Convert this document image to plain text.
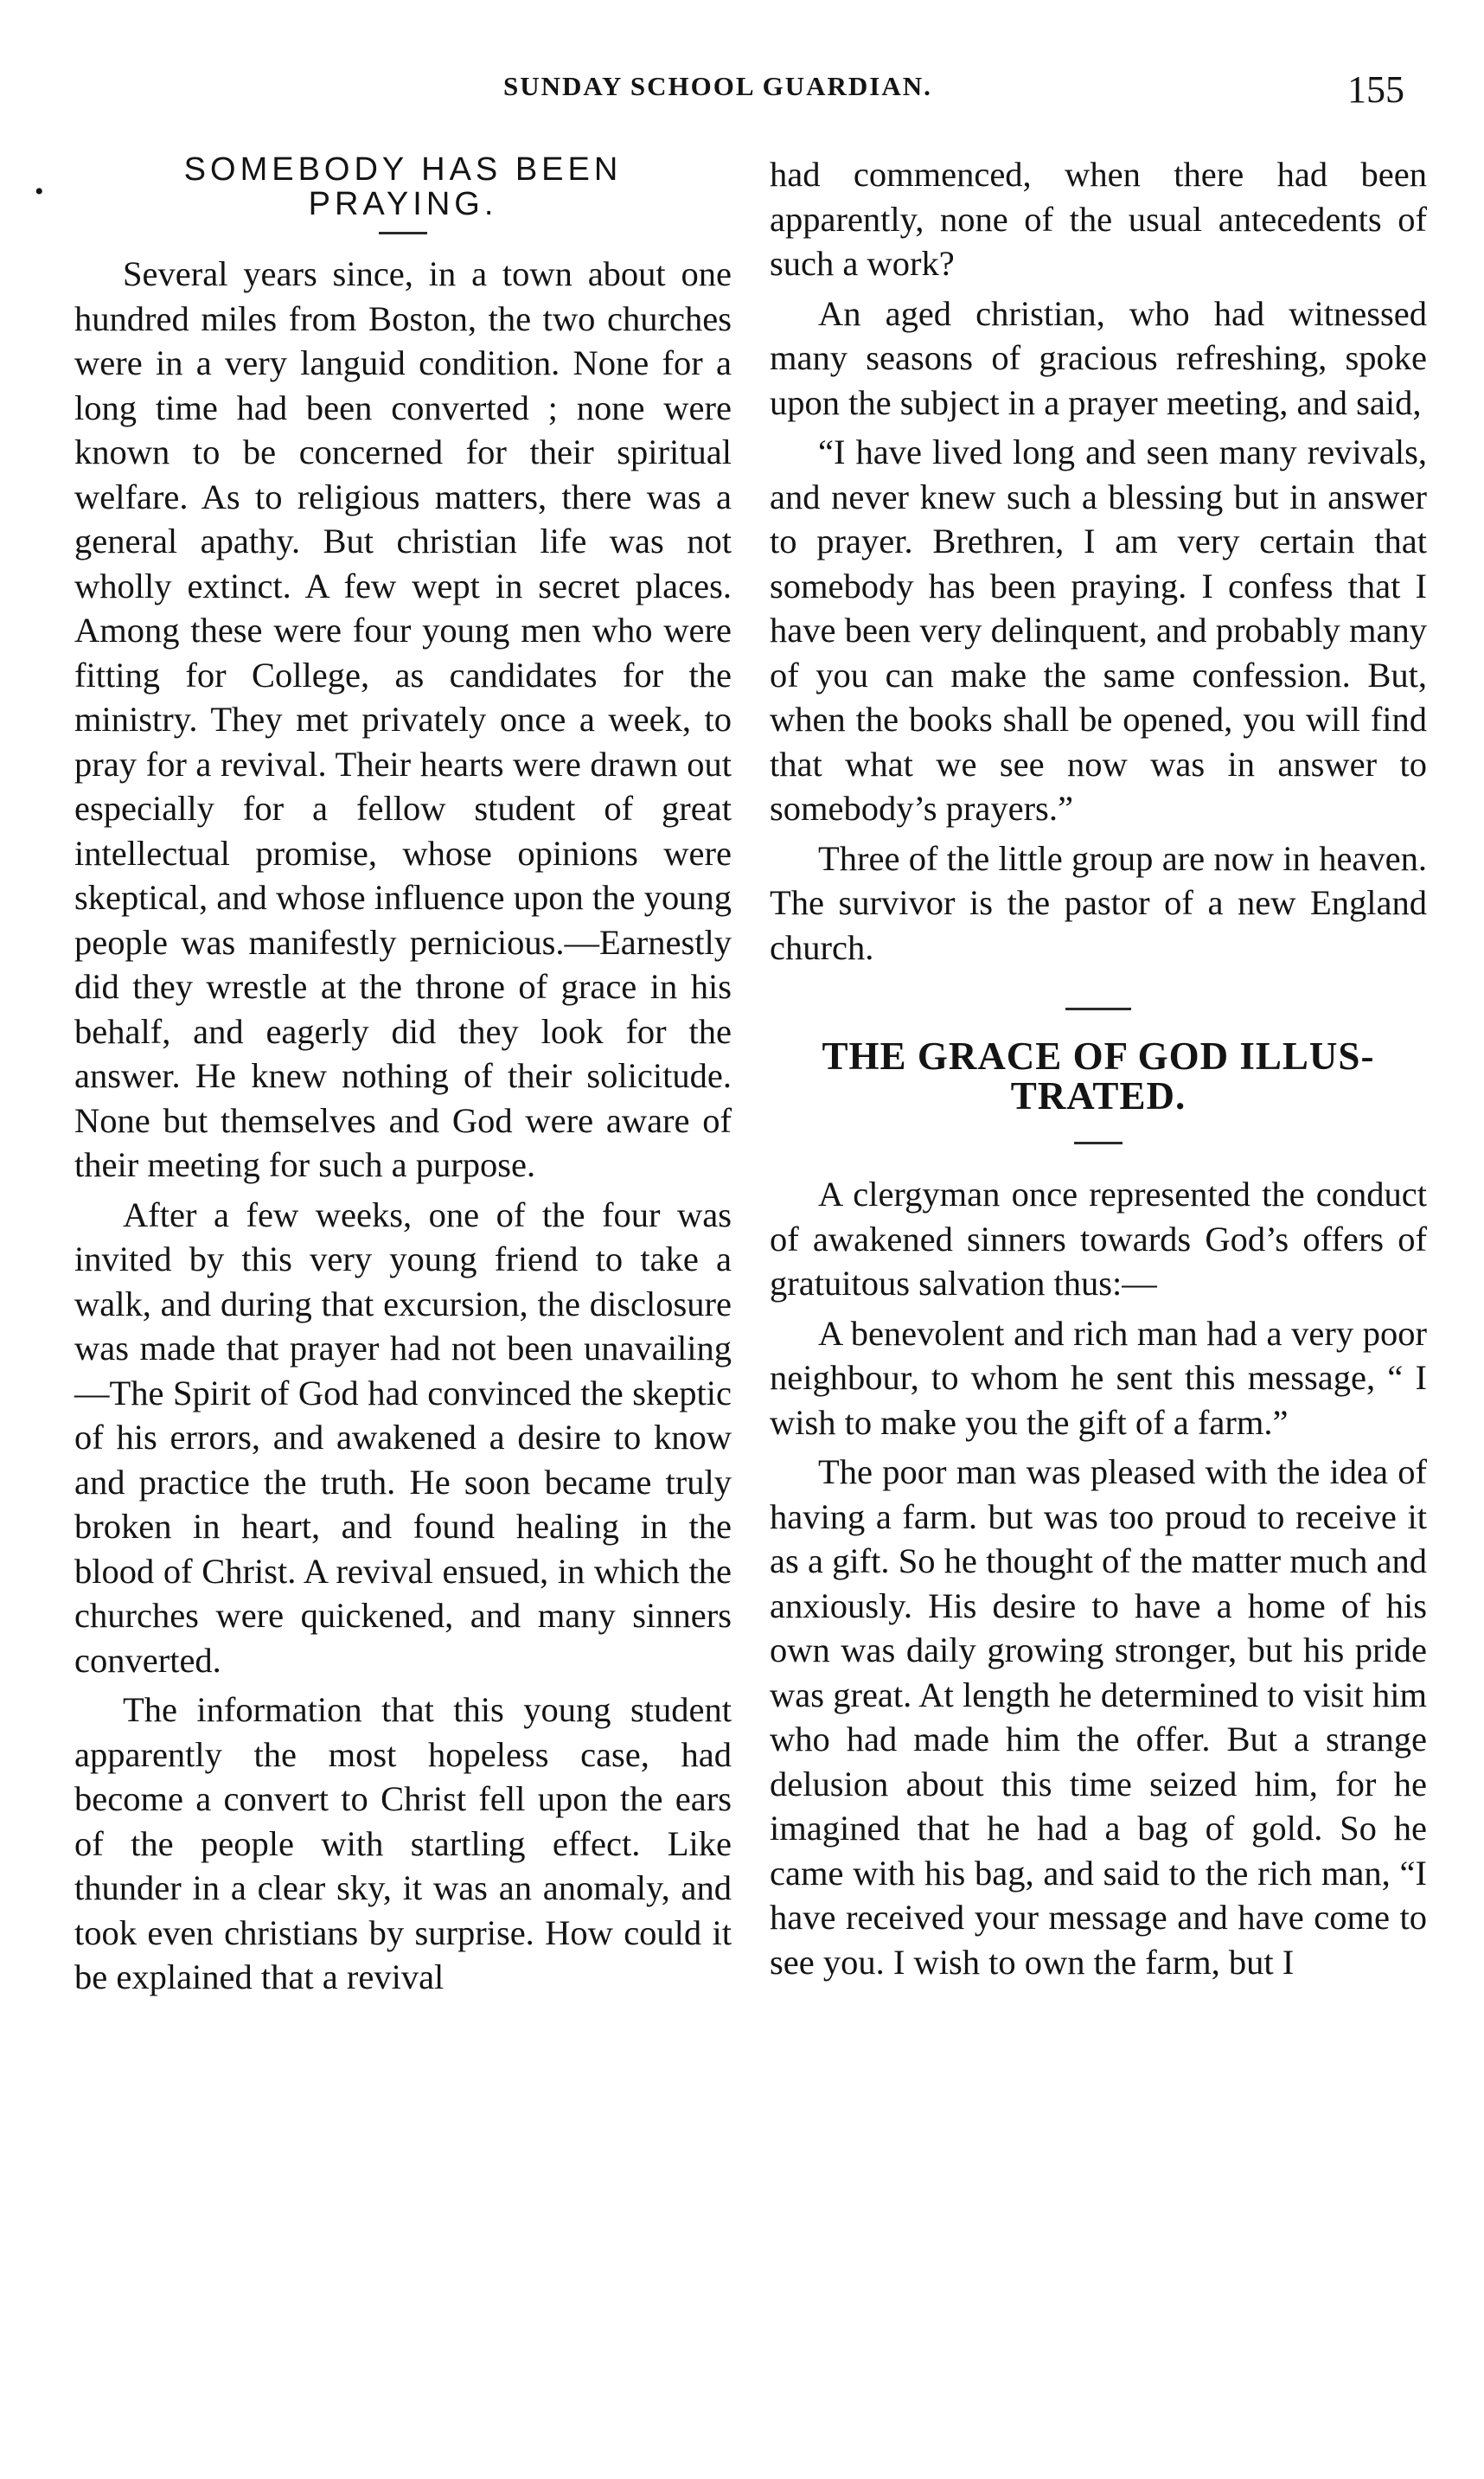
SUNDAY SCHOOL GUARDIAN.	155
•
SOMEBODY HAS BEEN
PRAYING.

Several years since, in a town about one hundred miles from Boston, the two churches were in a very languid condition. None for a long time had been converted ; none were known to be concerned for their spiritual welfare. As to religious matters, there was a general apathy. But christian life was not wholly extinct. A few wept in secret places. Among these were four young men who were fitting for College, as candidates for the ministry. They met privately once a week, to pray for a revival. Their hearts were drawn out especially for a fellow student of great intellectual promise, whose opinions were skeptical, and whose influence upon the young people was manifestly pernicious.—Earnestly did they wrestle at the throne of grace in his behalf, and eagerly did they look for the answer. He knew nothing of their solicitude. None but themselves and God were aware of their meeting for such a purpose.

After a few weeks, one of the four was invited by this very young friend to take a walk, and during that excursion, the disclosure was made that prayer had not been unavailing —The Spirit of God had convinced the skeptic of his errors, and awakened a desire to know and practice the truth. He soon became truly broken in heart, and found healing in the blood of Christ. A revival ensued, in which the churches were quickened, and many sinners converted.

The information that this young student apparently the most hopeless case, had become a convert to Christ fell upon the ears of the people with startling effect. Like thunder in a clear sky, it was an anomaly, and took even christians by surprise. How could it be explained that a revival

had commenced, when there had been apparently, none of the usual antecedents of such a work?

An aged christian, who had witnessed many seasons of gracious refreshing, spoke upon the subject in a prayer meeting, and said,

“I have lived long and seen many revivals, and never knew such a blessing but in answer to prayer. Brethren, I am very certain that somebody has been praying. I confess that I have been very delinquent, and probably many of you can make the same confession. But, when the books shall be opened, you will find that what we see now was in answer to somebody’s prayers.”

Three of the little group are now in heaven. The survivor is the pastor of a new England church.

THE GRACE OF GOD ILLUS-
TRATED.

A clergyman once represented the conduct of awakened sinners towards God’s offers of gratuitous salvation thus:—

A benevolent and rich man had a very poor neighbour, to whom he sent this message, “ I wish to make you the gift of a farm.”

The poor man was pleased with the idea of having a farm. but was too proud to receive it as a gift. So he thought of the matter much and anxiously. His desire to have a home of his own was daily growing stronger, but his pride was great. At length he determined to visit him who had made him the offer. But a strange delusion about this time seized him, for he imagined that he had a bag of gold. So he came with his bag, and said to the rich man, “I have received your message and have come to see you. I wish to own the farm, but I
